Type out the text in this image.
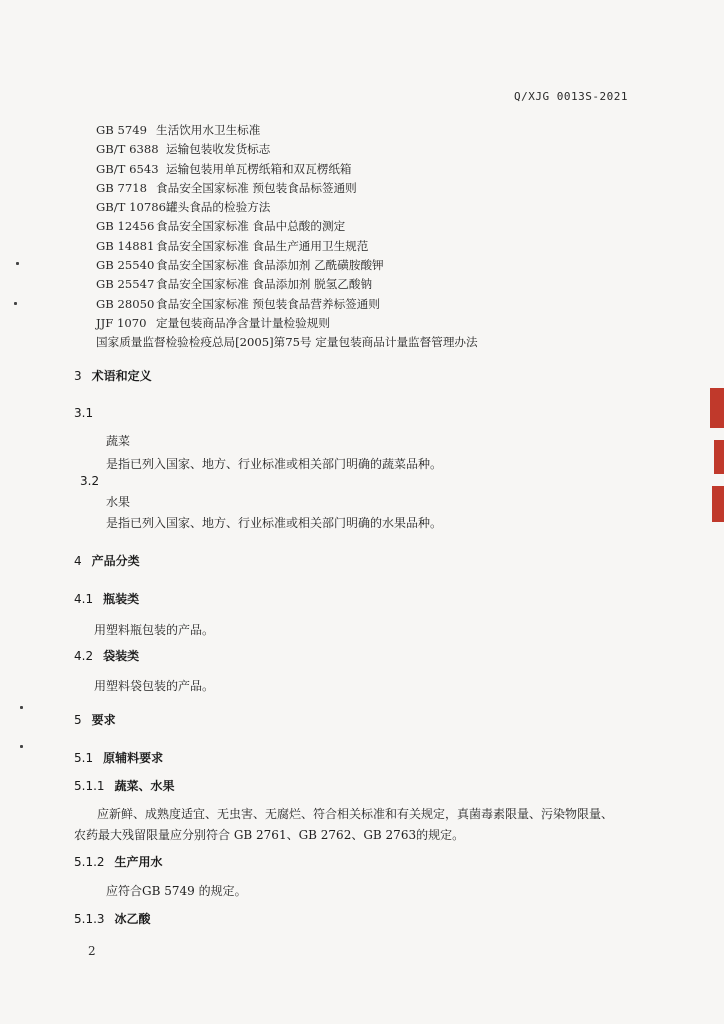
Q/XJG 0013S-2021
GB 5749 生活饮用水卫生标准
GB/T 6388 运输包装收发货标志
GB/T 6543 运输包装用单瓦楞纸箱和双瓦楞纸箱
GB 7718 食品安全国家标准 预包装食品标签通则
GB/T 10786罐头食品的检验方法
GB 12456 食品安全国家标准 食品中总酸的测定
GB 14881 食品安全国家标准 食品生产通用卫生规范
GB 25540 食品安全国家标准 食品添加剂 乙酰磺胺酸钾
GB 25547 食品安全国家标准 食品添加剂 脱氢乙酸钠
GB 28050 食品安全国家标准 预包装食品营养标签通则
JJF 1070 定量包装商品净含量计量检验规则
国家质量监督检验检疫总局[2005]第75号 定量包装商品计量监督管理办法
3 术语和定义
3.1
蔬菜
是指已列入国家、地方、行业标准或相关部门明确的蔬菜品种。
3.2
水果
是指已列入国家、地方、行业标准或相关部门明确的水果品种。
4 产品分类
4.1 瓶装类
用塑料瓶包装的产品。
4.2 袋装类
用塑料袋包装的产品。
5 要求
5.1 原辅料要求
5.1.1 蔬菜、水果
应新鲜、成熟度适宜、无虫害、无腐烂、符合相关标准和有关规定，真菌毒素限量、污染物限量、
农药最大残留限量应分别符合 GB 2761、GB 2762、GB 2763的规定。
5.1.2 生产用水
应符合GB 5749 的规定。
5.1.3 冰乙酸
2
